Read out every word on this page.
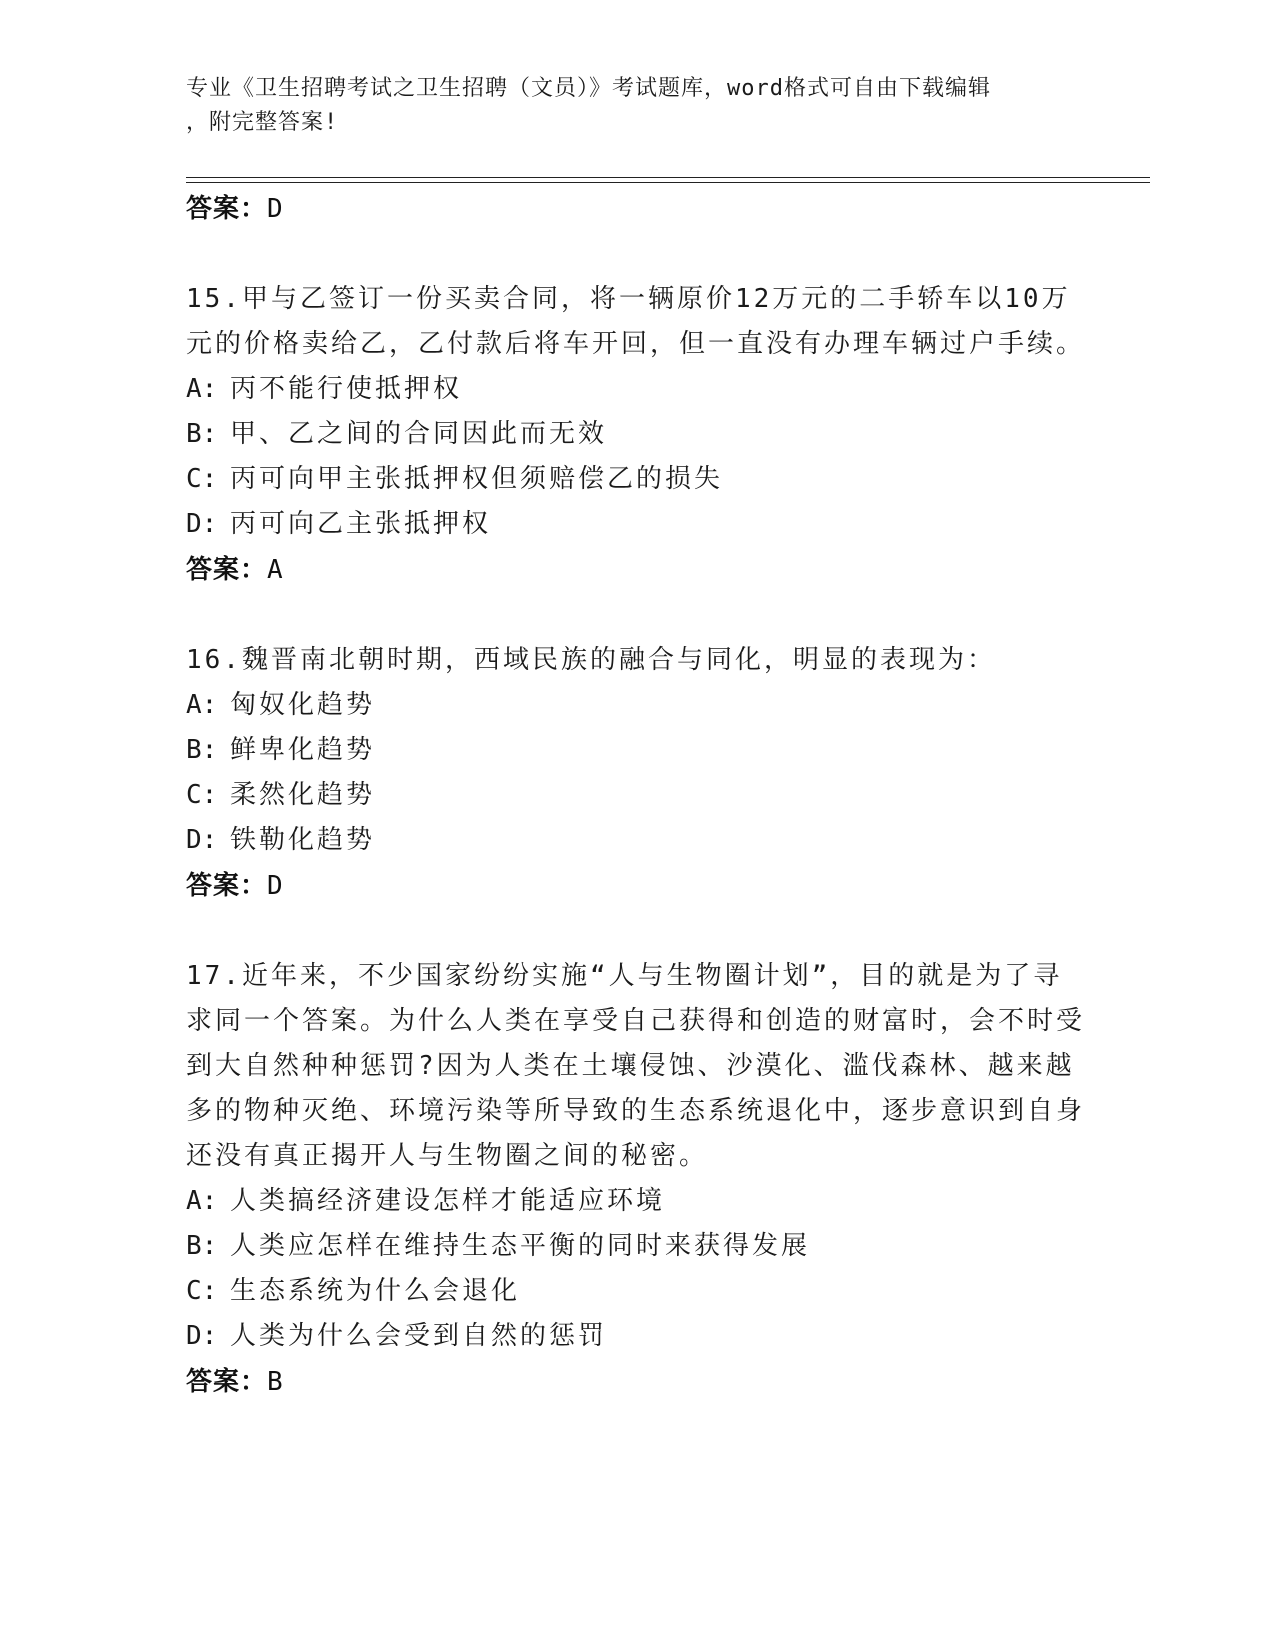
专业《卫生招聘考试之卫生招聘（文员）》考试题库，word格式可自由下载编辑
，附完整答案!
答案：D
15.甲与乙签订一份买卖合同，将一辆原价12万元的二手轿车以10万元的价格卖给乙，乙付款后将车开回，但一直没有办理车辆过户手续。
A: 丙不能行使抵押权
B: 甲、乙之间的合同因此而无效
C: 丙可向甲主张抵押权但须赔偿乙的损失
D: 丙可向乙主张抵押权
答案：A
16.魏晋南北朝时期，西域民族的融合与同化，明显的表现为：
A: 匈奴化趋势
B: 鲜卑化趋势
C: 柔然化趋势
D: 铁勒化趋势
答案：D
17.近年来，不少国家纷纷实施“人与生物圈计划”，目的就是为了寻求同一个答案。为什么人类在享受自己获得和创造的财富时，会不时受到大自然种种惩罚?因为人类在土壤侵蚀、沙漠化、滥伐森林、越来越多的物种灭绝、环境污染等所导致的生态系统退化中，逐步意识到自身还没有真正揭开人与生物圈之间的秘密。
A: 人类搞经济建设怎样才能适应环境
B: 人类应怎样在维持生态平衡的同时来获得发展
C: 生态系统为什么会退化
D: 人类为什么会受到自然的惩罚
答案：B
